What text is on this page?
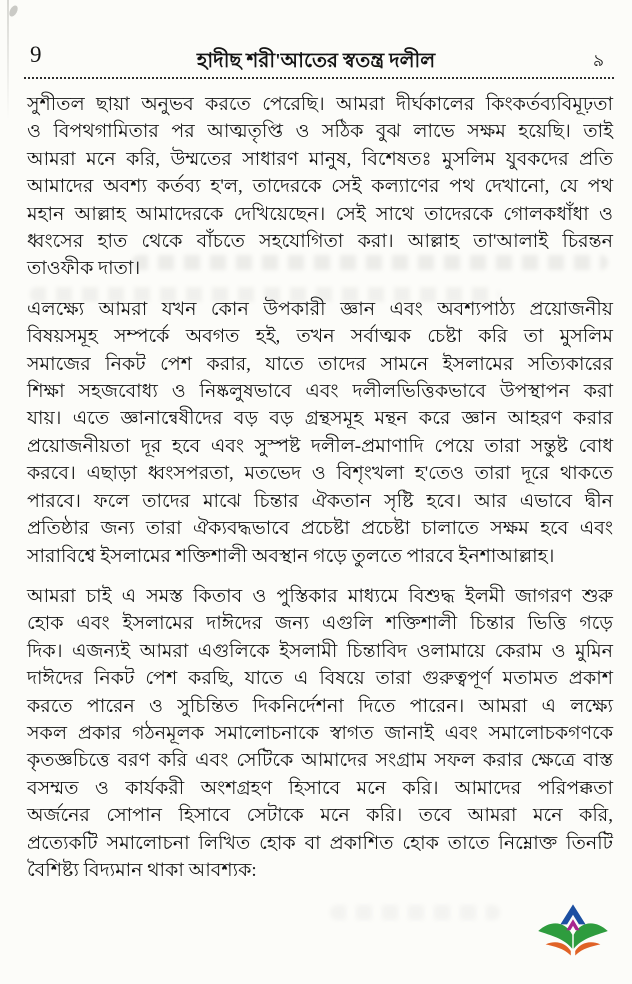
9	হাদীছ শরী'আতের স্বতন্ত্র দলীল	৯
সুশীতল ছায়া অনুভব করতে পেরেছি। আমরা দীর্ঘকালের কিংকর্তব্যবিমূঢ়তা
ও বিপথগামিতার পর আত্মতৃপ্তি ও সঠিক বুঝ লাভে সক্ষম হয়েছি। তাই
আমরা মনে করি, উম্মতের সাধারণ মানুষ, বিশেষতঃ মুসলিম যুবকদের প্রতি
আমাদের অবশ্য কর্তব্য হ'ল, তাদেরকে সেই কল্যাণের পথ দেখানো, যে পথ
মহান আল্লাহ আমাদেরকে দেখিয়েছেন। সেই সাথে তাদেরকে গোলকধাঁধা ও
ধ্বংসের হাত থেকে বাঁচতে সহযোগিতা করা। আল্লাহ তা'আলাই চিরন্তন
তাওফীক দাতা।
এলক্ষ্যে আমরা যখন কোন উপকারী জ্ঞান এবং অবশ্যপাঠ্য প্রয়োজনীয়
বিষয়সমূহ সম্পর্কে অবগত হই, তখন সর্বাত্মক চেষ্টা করি তা মুসলিম
সমাজের নিকট পেশ করার, যাতে তাদের সামনে ইসলামের সত্যিকারের
শিক্ষা সহজবোধ্য ও নিষ্কলুষভাবে এবং দলীলভিত্তিকভাবে উপস্থাপন করা
যায়। এতে জ্ঞানান্বেষীদের বড় বড় গ্রন্থসমূহ মন্থন করে জ্ঞান আহরণ করার
প্রয়োজনীয়তা দূর হবে এবং সুস্পষ্ট দলীল-প্রমাণাদি পেয়ে তারা সন্তুষ্ট বোধ
করবে। এছাড়া ধ্বংসপরতা, মতভেদ ও বিশৃংখলা হ'তেও তারা দূরে থাকতে
পারবে। ফলে তাদের মাঝে চিন্তার ঐকতান সৃষ্টি হবে। আর এভাবে দ্বীন
প্রতিষ্ঠার জন্য তারা ঐক্যবদ্ধভাবে প্রচেষ্টা প্রচেষ্টা চালাতে সক্ষম হবে এবং
সারাবিশ্বে ইসলামের শক্তিশালী অবস্থান গড়ে তুলতে পারবে ইনশাআল্লাহ।
আমরা চাই এ সমস্ত কিতাব ও পুস্তিকার মাধ্যমে বিশুদ্ধ ইলমী জাগরণ শুরু
হোক এবং ইসলামের দাঈদের জন্য এগুলি শক্তিশালী চিন্তার ভিত্তি গড়ে
দিক। এজন্যই আমরা এগুলিকে ইসলামী চিন্তাবিদ ওলামায়ে কেরাম ও মুমিন
দাঈদের নিকট পেশ করছি, যাতে এ বিষয়ে তারা গুরুত্বপূর্ণ মতামত প্রকাশ
করতে পারেন ও সুচিন্তিত দিকনির্দেশনা দিতে পারেন। আমরা এ লক্ষ্যে
সকল প্রকার গঠনমূলক সমালোচনাকে স্বাগত জানাই এবং সমালোচকগণকে
কৃতজ্ঞচিত্তে বরণ করি এবং সেটিকে আমাদের সংগ্রাম সফল করার ক্ষেত্রে বাস্ত
বসম্মত ও কার্যকরী অংশগ্রহণ হিসাবে মনে করি। আমাদের পরিপক্কতা
অর্জনের সোপান হিসাবে সেটাকে মনে করি। তবে আমরা মনে করি,
প্রত্যেকটি সমালোচনা লিখিত হোক বা প্রকাশিত হোক তাতে নিম্নোক্ত তিনটি
বৈশিষ্ট্য বিদ্যমান থাকা আবশ্যক:
